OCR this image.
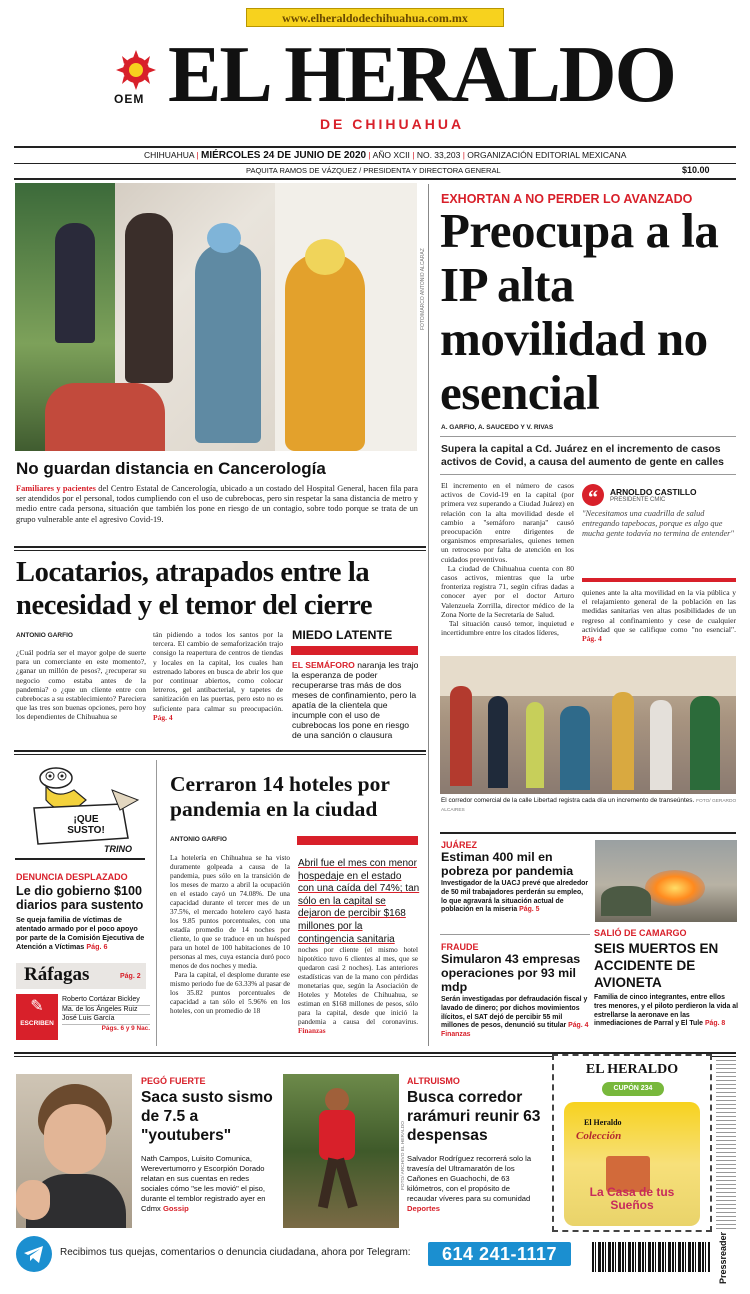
www.elheraldodechihuahua.com.mx
OEM EL HERALDO
DE CHIHUAHUA
CHIHUAHUA | MIÉRCOLES 24 DE JUNIO DE 2020 | AÑO XCII | NO. 33,203 | ORGANIZACIÓN EDITORIAL MEXICANA
PAQUITA RAMOS DE VÁZQUEZ / PRESIDENTA Y DIRECTORA GENERAL	$10.00
FOTO/MARCO ANTONIO ALCARAZ
No guardan distancia en Cancerología
Familiares y pacientes del Centro Estatal de Cancerología, ubicado a un costado del Hospital General, hacen fila para ser atendidos por el personal, todos cumpliendo con el uso de cubrebocas, pero sin respetar la sana distancia de metro y medio entre cada persona, situación que también los pone en riesgo de un contagio, sobre todo porque se trata de un grupo vulnerable ante el agresivo Covid-19.
EXHORTAN A NO PERDER LO AVANZADO
Preocupa a la IP alta movilidad no esencial
A. GARFIO, A. SAUCEDO Y V. RIVAS
Supera la capital a Cd. Juárez en el incremento de casos activos de Covid, a causa del aumento de gente en calles
El incremento en el número de casos activos de Covid-19 en la capital (por primera vez superando a Ciudad Juárez) en relación con la alta movilidad desde el cambio a "semáforo naranja" causó preocupación entre dirigentes de organismos empresariales, quienes temen un retroceso por falta de atención en los cuidados preventivos.
La ciudad de Chihuahua cuenta con 80 casos activos, mientras que la urbe fronteriza registra 71, según cifras dadas a conocer ayer por el doctor Arturo Valenzuela Zorrilla, director médico de la Zona Norte de la Secretaría de Salud.
Tal situación causó temor, inquietud e incertidumbre entre los citados líderes,
“	ARNOLDO CASTILLO
PRESIDENTE CMIC
"Necesitamos una cuadrilla de salud entregando tapebocas, porque es algo que mucha gente todavía no termina de entender"
quienes ante la alta movilidad en la vía pública y el relajamiento general de la población en las medidas sanitarias ven altas posibilidades de un regreso al confinamiento y cese de cualquier actividad que se califique como "no esencial". Pág. 4
El corredor comercial de la calle Libertad registra cada día un incremento de transeúntes. FOTO/ GERARDO ALCAIRES
Locatarios, atrapados entre la necesidad y el temor del cierre
ANTONIO GARFIO
¿Cuál podría ser el mayor golpe de suerte para un comerciante en este momento?, ¿ganar un millón de pesos?, ¿recuperar su negocio como estaba antes de la pandemia? o ¿que un cliente entre con cubrebocas a su establecimiento? Pareciera que las tres son buenas opciones, pero hoy los dependientes de Chihuahua se
tán pidiendo a todos los santos por la tercera. El cambio de semaforización trajo consigo la reapertura de centros de tiendas y locales en la capital, los cuales han estrenado labores en busca de abrir los que por continuar abiertos, como colocar letreros, gel antibacterial, y tapetes de sanitización en las puertas, pero esto no es suficiente para calmar su preocupación. Pág. 4
MIEDO LATENTE
EL SEMÁFORO naranja les trajo la esperanza de poder recuperarse tras más de dos meses de confinamiento, pero la apatía de la clientela que incumple con el uso de cubrebocas los pone en riesgo de una sanción o clausura
¡QUE SUSTO!
TRINO
DENUNCIA DESPLAZADO
Le dio gobierno $100 diarios para sustento
Se queja familia de víctimas de atentado armado por el poco apoyo por parte de la Comisión Ejecutiva de Atención a Víctimas Pág. 6
Ráfagas	Pág. 2
✎
ESCRIBEN
Roberto Cortázar Bickley
Ma. de los Ángeles Ruiz
José Luis García
Págs. 6 y 9 Nac.
Cerraron 14 hoteles por pandemia en la ciudad
ANTONIO GARFIO
La hotelería en Chihuahua se ha visto duramente golpeada a causa de la pandemia, pues sólo en la transición de los meses de marzo a abril la ocupación en el estado cayó un 74.08%. De una capacidad durante el tercer mes de un 37.5%, el mercado hotelero cayó hasta los 9.85 puntos porcentuales, con una estadía promedio de 14 noches por cliente, lo que se traduce en un huésped para un hotel de 100 habitaciones de 10 personas al mes, cuya estancia duró poco menos de dos noches y media.
Para la capital, el desplome durante ese mismo periodo fue de 63.33% al pasar de los 35.82 puntos porcentuales de capacidad a tan sólo el 5.96% en los hoteles, con un promedio de 18
Abril fue el mes con menor hospedaje en el estado con una caída del 74%; tan sólo en la capital se dejaron de percibir $168 millones por la contingencia sanitaria
noches por cliente (el mismo hotel hipotético tuvo 6 clientes al mes, que se quedaron casi 2 noches). Las anteriores estadísticas van de la mano con pérdidas monetarias que, según la Asociación de Hoteles y Moteles de Chihuahua, se estiman en $168 millones de pesos, sólo para la capital, desde que inició la pandemia a causa del coronavirus. Finanzas
JUÁREZ
Estiman 400 mil en pobreza por pandemia
Investigador de la UACJ prevé que alrededor de 50 mil trabajadores perderán su empleo, lo que agravará la situación actual de población en la miseria Pág. 5
FRAUDE
Simularon 43 empresas operaciones por 93 mil mdp
Serán investigadas por defraudación fiscal y lavado de dinero; por dichos movimientos ilícitos, el SAT dejó de percibir 55 mil millones de pesos, denunció su titular Pág. 4 Finanzas
SALIÓ DE CAMARGO
SEIS MUERTOS EN ACCIDENTE DE AVIONETA
Familia de cinco integrantes, entre ellos tres menores, y el piloto perdieron la vida al estrellarse la aeronave en las inmediaciones de Parral y El Tule Pág. 8
PEGÓ FUERTE
Saca susto sismo de 7.5 a "youtubers"
Nath Campos, Luisito Comunica, Werevertumorro y Escorpión Dorado relatan en sus cuentas en redes sociales cómo "se les movió" el piso, durante el temblor registrado ayer en Cdmx Gossip
FOTO/ ARCHIVO EL HERALDO
ALTRUISMO
Busca corredor rarámuri reunir 63 despensas
Salvador Rodríguez recorrerá solo la travesía del Ultramaratón de los Cañones en Guachochi, de 63 kilómetros, con el propósito de recaudar víveres para su comunidad Deportes
EL HERALDO
CUPÓN 234
El Heraldo
Colección
La Casa de tus Sueños
Recibimos tus quejas, comentarios o denuncia ciudadana, ahora por Telegram:	614 241-1117	Pressreader
